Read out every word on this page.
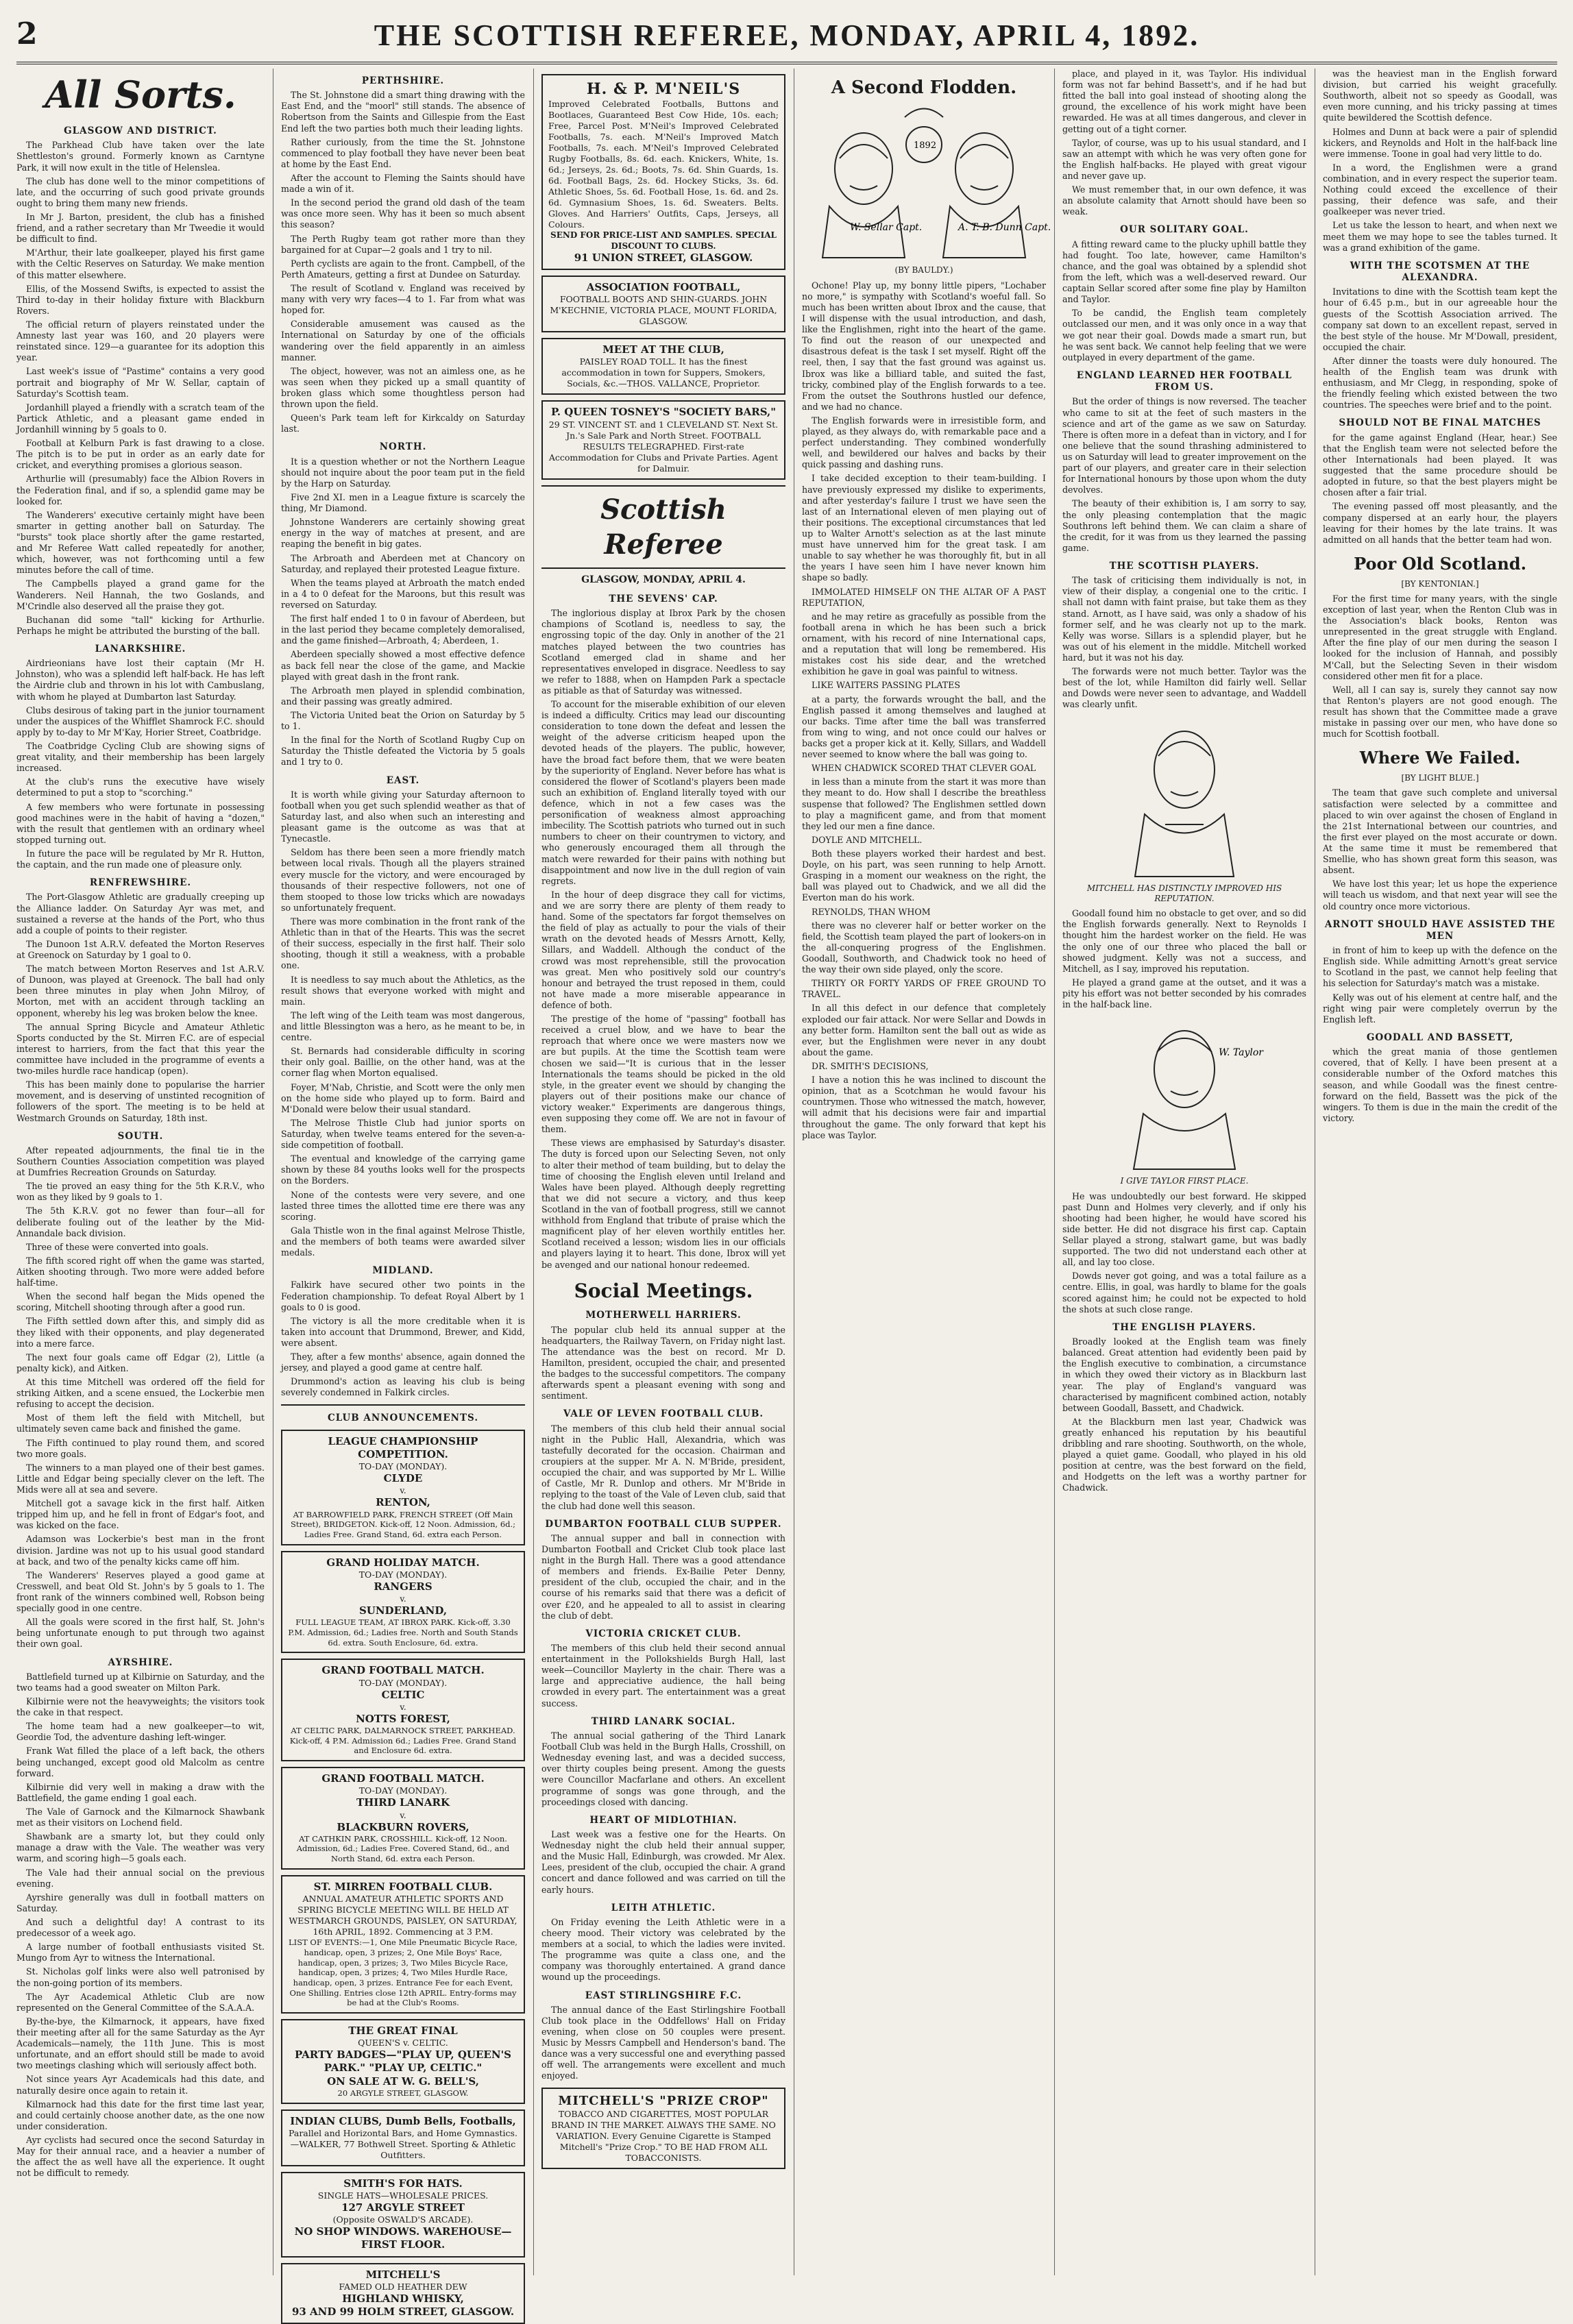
2	THE SCOTTISH REFEREE, MONDAY, APRIL 4, 1892.
All Sorts.
GLASGOW AND DISTRICT.

The Parkhead Club have taken over the late Shettleston's ground. Formerly known as Carntyne Park, it will now exult in the title of Helenslea.

The club has done well to the minor competitions of late, and the occurring of such good private grounds ought to bring them many new friends.

In Mr J. Barton, president, the club has a finished friend, and a rather secretary than Mr Tweedie it would be difficult to find.

M'Arthur, their late goalkeeper, played his first game with the Celtic Reserves on Saturday. We make mention of this matter elsewhere.

Ellis, of the Mossend Swifts, is expected to assist the Third to-day in their holiday fixture with Blackburn Rovers.

The official return of players reinstated under the Amnesty last year was 160, and 20 players were reinstated since. 129—a guarantee for its adoption this year.

Last week's issue of "Pastime" contains a very good portrait and biography of Mr W. Sellar, captain of Saturday's Scottish team.

Jordanhill played a friendly with a scratch team of the Partick Athletic, and a pleasant game ended in Jordanhill winning by 5 goals to 0.

Football at Kelburn Park is fast drawing to a close. The pitch is to be put in order as an early date for cricket, and everything promises a glorious season.

Arthurlie will (presumably) face the Albion Rovers in the Federation final, and if so, a splendid game may be looked for.

The Wanderers' executive certainly might have been smarter in getting another ball on Saturday. The "bursts" took place shortly after the game restarted, and Mr Referee Watt called repeatedly for another, which, however, was not forthcoming until a few minutes before the call of time.

The Campbells played a grand game for the Wanderers. Neil Hannah, the two Goslands, and M'Crindle also deserved all the praise they got.

Buchanan did some "tall" kicking for Arthurlie. Perhaps he might be attributed the bursting of the ball.

LANARKSHIRE.

Airdrieonians have lost their captain (Mr H. Johnston), who was a splendid left half-back. He has left the Airdrie club and thrown in his lot with Cambuslang, with whom he played at Dumbarton last Saturday.

Clubs desirous of taking part in the junior tournament under the auspices of the Whifflet Shamrock F.C. should apply by to-day to Mr M'Kay, Horier Street, Coatbridge.

The Coatbridge Cycling Club are showing signs of great vitality, and their membership has been largely increased.

At the club's runs the executive have wisely determined to put a stop to "scorching."

A few members who were fortunate in possessing good machines were in the habit of having a "dozen," with the result that gentlemen with an ordinary wheel stopped turning out.

In future the pace will be regulated by Mr R. Hutton, the captain, and the run made one of pleasure only.

RENFREWSHIRE.

The Port-Glasgow Athletic are gradually creeping up the Alliance ladder. On Saturday Ayr was met, and sustained a reverse at the hands of the Port, who thus add a couple of points to their register.

The Dunoon 1st A.R.V. defeated the Morton Reserves at Greenock on Saturday by 1 goal to 0.

The match between Morton Reserves and 1st A.R.V. of Dunoon, was played at Greenock. The ball had only been three minutes in play when John Milroy, of Morton, met with an accident through tackling an opponent, whereby his leg was broken below the knee.

The annual Spring Bicycle and Amateur Athletic Sports conducted by the St. Mirren F.C. are of especial interest to harriers, from the fact that this year the committee have included in the programme of events a two-miles hurdle race handicap (open).

This has been mainly done to popularise the harrier movement, and is deserving of unstinted recognition of followers of the sport. The meeting is to be held at Westmarch Grounds on Saturday, 18th inst.

SOUTH.

After repeated adjournments, the final tie in the Southern Counties Association competition was played at Dumfries Recreation Grounds on Saturday.

The tie proved an easy thing for the 5th K.R.V., who won as they liked by 9 goals to 1.

The 5th K.R.V. got no fewer than four—all for deliberate fouling out of the leather by the Mid-Annandale back division.

Three of these were converted into goals.

The fifth scored right off when the game was started, Aitken shooting through. Two more were added before half-time.

When the second half began the Mids opened the scoring, Mitchell shooting through after a good run.

The Fifth settled down after this, and simply did as they liked with their opponents, and play degenerated into a mere farce.

The next four goals came off Edgar (2), Little (a penalty kick), and Aitken.

At this time Mitchell was ordered off the field for striking Aitken, and a scene ensued, the Lockerbie men refusing to accept the decision.

Most of them left the field with Mitchell, but ultimately seven came back and finished the game.

The Fifth continued to play round them, and scored two more goals.

The winners to a man played one of their best games. Little and Edgar being specially clever on the left. The Mids were all at sea and severe.

Mitchell got a savage kick in the first half. Aitken tripped him up, and he fell in front of Edgar's foot, and was kicked on the face.

Adamson was Lockerbie's best man in the front division. Jardine was not up to his usual good standard at back, and two of the penalty kicks came off him.

The Wanderers' Reserves played a good game at Cresswell, and beat Old St. John's by 5 goals to 1. The front rank of the winners combined well, Robson being specially good in one centre.

All the goals were scored in the first half, St. John's being unfortunate enough to put through two against their own goal.

AYRSHIRE.

Battlefield turned up at Kilbirnie on Saturday, and the two teams had a good sweater on Milton Park.

Kilbirnie were not the heavyweights; the visitors took the cake in that respect.

The home team had a new goalkeeper—to wit, Geordie Tod, the adventure dashing left-winger.

Frank Wat filled the place of a left back, the others being unchanged, except good old Malcolm as centre forward.

Kilbirnie did very well in making a draw with the Battlefield, the game ending 1 goal each.

The Vale of Garnock and the Kilmarnock Shawbank met as their visitors on Lochend field.

Shawbank are a smarty lot, but they could only manage a draw with the Vale. The weather was very warm, and scoring high—5 goals each.

The Vale had their annual social on the previous evening.

Ayrshire generally was dull in football matters on Saturday.

And such a delightful day! A contrast to its predecessor of a week ago.

A large number of football enthusiasts visited St. Mungo from Ayr to witness the International.

St. Nicholas golf links were also well patronised by the non-going portion of its members.

The Ayr Academical Athletic Club are now represented on the General Committee of the S.A.A.A.

By-the-bye, the Kilmarnock, it appears, have fixed their meeting after all for the same Saturday as the Ayr Academicals—namely, the 11th June. This is most unfortunate, and an effort should still be made to avoid two meetings clashing which will seriously affect both.

Not since years Ayr Academicals had this date, and naturally desire once again to retain it.

Kilmarnock had this date for the first time last year, and could certainly choose another date, as the one now under consideration.

Ayr cyclists had secured once the second Saturday in May for their annual race, and a heavier a number of the affect the as well have all the experience. It ought not be difficult to remedy.

PERTHSHIRE.

The St. Johnstone did a smart thing drawing with the East End, and the "moorl" still stands. The absence of Robertson from the Saints and Gillespie from the East End left the two parties both much their leading lights.

Rather curiously, from the time the St. Johnstone commenced to play football they have never been beat at home by the East End.

After the account to Fleming the Saints should have made a win of it.

In the second period the grand old dash of the team was once more seen. Why has it been so much absent this season?

The Perth Rugby team got rather more than they bargained for at Cupar—2 goals and 1 try to nil.

Perth cyclists are again to the front. Campbell, of the Perth Amateurs, getting a first at Dundee on Saturday.

The result of Scotland v. England was received by many with very wry faces—4 to 1. Far from what was hoped for.

Considerable amusement was caused as the International on Saturday by one of the officials wandering over the field apparently in an aimless manner.

The object, however, was not an aimless one, as he was seen when they picked up a small quantity of broken glass which some thoughtless person had thrown upon the field.

Queen's Park team left for Kirkcaldy on Saturday last.

NORTH.

It is a question whether or not the Northern League should not inquire about the poor team put in the field by the Harp on Saturday.

Five 2nd XI. men in a League fixture is scarcely the thing, Mr Diamond.

Johnstone Wanderers are certainly showing great energy in the way of matches at present, and are reaping the benefit in big gates.

The Arbroath and Aberdeen met at Chancory on Saturday, and replayed their protested League fixture.

When the teams played at Arbroath the match ended in a 4 to 0 defeat for the Maroons, but this result was reversed on Saturday.

The first half ended 1 to 0 in favour of Aberdeen, but in the last period they became completely demoralised, and the game finished—Arbroath, 4; Aberdeen, 1.

Aberdeen specially showed a most effective defence as back fell near the close of the game, and Mackie played with great dash in the front rank.

The Arbroath men played in splendid combination, and their passing was greatly admired.

The Victoria United beat the Orion on Saturday by 5 to 1.

In the final for the North of Scotland Rugby Cup on Saturday the Thistle defeated the Victoria by 5 goals and 1 try to 0.

EAST.

It is worth while giving your Saturday afternoon to football when you get such splendid weather as that of Saturday last, and also when such an interesting and pleasant game is the outcome as was that at Tynecastle.

Seldom has there been seen a more friendly match between local rivals. Though all the players strained every muscle for the victory, and were encouraged by thousands of their respective followers, not one of them stooped to those low tricks which are nowadays so unfortunately frequent.

There was more combination in the front rank of the Athletic than in that of the Hearts. This was the secret of their success, especially in the first half. Their solo shooting, though it still a weakness, with a probable one.

It is needless to say much about the Athletics, as the result shows that everyone worked with might and main.

The left wing of the Leith team was most dangerous, and little Blessington was a hero, as he meant to be, in centre.

St. Bernards had considerable difficulty in scoring their only goal. Baillie, on the other hand, was at the corner flag when Morton equalised.

Foyer, M'Nab, Christie, and Scott were the only men on the home side who played up to form. Baird and M'Donald were below their usual standard.

The Melrose Thistle Club had junior sports on Saturday, when twelve teams entered for the seven-a-side competition of football.

The eventual and knowledge of the carrying game shown by these 84 youths looks well for the prospects on the Borders.

None of the contests were very severe, and one lasted three times the allotted time ere there was any scoring.

Gala Thistle won in the final against Melrose Thistle, and the members of both teams were awarded silver medals.

MIDLAND.

Falkirk have secured other two points in the Federation championship. To defeat Royal Albert by 1 goals to 0 is good.

The victory is all the more creditable when it is taken into account that Drummond, Brewer, and Kidd, were absent.

They, after a few months' absence, again donned the jersey, and played a good game at centre half.

Drummond's action as leaving his club is being severely condemned in Falkirk circles.

CLUB ANNOUNCEMENTS.
LEAGUE CHAMPIONSHIP COMPETITION.
TO-DAY (MONDAY).
CLYDE
v.
RENTON,
AT BARROWFIELD PARK, FRENCH STREET (Off Main Street), BRIDGETON. Kick-off, 12 Noon. Admission, 6d.; Ladies Free. Grand Stand, 6d. extra each Person.
GRAND HOLIDAY MATCH.
TO-DAY (MONDAY).
RANGERS
v.
SUNDERLAND,
FULL LEAGUE TEAM, AT IBROX PARK. Kick-off, 3.30 P.M. Admission, 6d.; Ladies free. North and South Stands 6d. extra. South Enclosure, 6d. extra.
GRAND FOOTBALL MATCH.
TO-DAY (MONDAY).
CELTIC
v.
NOTTS FOREST,
AT CELTIC PARK, DALMARNOCK STREET, PARKHEAD. Kick-off, 4 P.M. Admission 6d.; Ladies Free. Grand Stand and Enclosure 6d. extra.
GRAND FOOTBALL MATCH.
TO-DAY (MONDAY).
THIRD LANARK
v.
BLACKBURN ROVERS,
AT CATHKIN PARK, CROSSHILL. Kick-off, 12 Noon. Admission, 6d.; Ladies Free. Covered Stand, 6d., and North Stand, 6d. extra each Person.
ST. MIRREN FOOTBALL CLUB.
ANNUAL AMATEUR ATHLETIC SPORTS AND SPRING BICYCLE MEETING WILL BE HELD AT WESTMARCH GROUNDS, PAISLEY, ON SATURDAY, 16th APRIL, 1892. Commencing at 3 P.M.
LIST OF EVENTS:—1, One Mile Pneumatic Bicycle Race, handicap, open, 3 prizes; 2, One Mile Boys' Race, handicap, open, 3 prizes; 3, Two Miles Bicycle Race, handicap, open, 3 prizes; 4, Two Miles Hurdle Race, handicap, open, 3 prizes. Entrance Fee for each Event, One Shilling. Entries close 12th APRIL. Entry-forms may be had at the Club's Rooms.
THE GREAT FINAL
QUEEN'S v. CELTIC.
PARTY BADGES—"PLAY UP, QUEEN'S PARK." "PLAY UP, CELTIC."
ON SALE AT W. G. BELL'S,
20 ARGYLE STREET, GLASGOW.
INDIAN CLUBS, Dumb Bells, Footballs,
Parallel and Horizontal Bars, and Home Gymnastics.—WALKER, 77 Bothwell Street. Sporting & Athletic Outfitters.
SMITH'S FOR HATS.
SINGLE HATS—WHOLESALE PRICES.
127 ARGYLE STREET
(Opposite OSWALD'S ARCADE).
NO SHOP WINDOWS. WAREHOUSE—FIRST FLOOR.
MITCHELL'S
FAMED OLD HEATHER DEW
HIGHLAND WHISKY,
93 AND 99 HOLM STREET, GLASGOW.
H. & P. M'NEIL'S
Improved Celebrated Footballs, Buttons and Bootlaces, Guaranteed Best Cow Hide, 10s. each; Free, Parcel Post. M'Neil's Improved Celebrated Footballs, 7s. each. M'Neil's Improved Match Footballs, 7s. each. M'Neil's Improved Celebrated Rugby Footballs, 8s. 6d. each. Knickers, White, 1s. 6d.; Jerseys, 2s. 6d.; Boots, 7s. 6d. Shin Guards, 1s. 6d. Football Bags, 2s. 6d. Hockey Sticks, 3s. 6d. Athletic Shoes, 5s. 6d. Football Hose, 1s. 6d. and 2s. 6d. Gymnasium Shoes, 1s. 6d. Sweaters. Belts. Gloves. And Harriers' Outfits, Caps, Jerseys, all Colours.
SEND FOR PRICE-LIST AND SAMPLES. SPECIAL DISCOUNT TO CLUBS.
91 UNION STREET, GLASGOW.
ASSOCIATION FOOTBALL,
FOOTBALL BOOTS AND SHIN-GUARDS. JOHN M'KECHNIE, VICTORIA PLACE, MOUNT FLORIDA, GLASGOW.
MEET AT THE CLUB,
PAISLEY ROAD TOLL. It has the finest accommodation in town for Suppers, Smokers, Socials, &c.—THOS. VALLANCE, Proprietor.
P. QUEEN TOSNEY'S "SOCIETY BARS,"
29 ST. VINCENT ST. and 1 CLEVELAND ST. Next St. Jn.'s Sale Park and North Street. FOOTBALL RESULTS TELEGRAPHED. First-rate Accommodation for Clubs and Private Parties. Agent for Dalmuir.
Scottish Referee
GLASGOW, MONDAY, APRIL 4.
THE SEVENS' CAP.

The inglorious display at Ibrox Park by the chosen champions of Scotland is, needless to say, the engrossing topic of the day. Only in another of the 21 matches played between the two countries has Scotland emerged clad in shame and her representatives enveloped in disgrace. Needless to say we refer to 1888, when on Hampden Park a spectacle as pitiable as that of Saturday was witnessed.

To account for the miserable exhibition of our eleven is indeed a difficulty. Critics may lead our discounting consideration to tone down the defeat and lessen the weight of the adverse criticism heaped upon the devoted heads of the players. The public, however, have the broad fact before them, that we were beaten by the superiority of England. Never before has what is considered the flower of Scotland's players been made such an exhibition of. England literally toyed with our defence, which in not a few cases was the personification of weakness almost approaching imbecility. The Scottish patriots who turned out in such numbers to cheer on their countrymen to victory, and who generously encouraged them all through the match were rewarded for their pains with nothing but disappointment and now live in the dull region of vain regrets.

In the hour of deep disgrace they call for victims, and we are sorry there are plenty of them ready to hand. Some of the spectators far forgot themselves on the field of play as actually to pour the vials of their wrath on the devoted heads of Messrs Arnott, Kelly, Sillars, and Waddell. Although the conduct of the crowd was most reprehensible, still the provocation was great. Men who positively sold our country's honour and betrayed the trust reposed in them, could not have made a more miserable appearance in defence of both.

The prestige of the home of "passing" football has received a cruel blow, and we have to bear the reproach that where once we were masters now we are but pupils. At the time the Scottish team were chosen we said—"It is curious that in the lesser Internationals the teams should be picked in the old style, in the greater event we should by changing the players out of their positions make our chance of victory weaker." Experiments are dangerous things, even supposing they come off. We are not in favour of them.

These views are emphasised by Saturday's disaster. The duty is forced upon our Selecting Seven, not only to alter their method of team building, but to delay the time of choosing the English eleven until Ireland and Wales have been played. Although deeply regretting that we did not secure a victory, and thus keep Scotland in the van of football progress, still we cannot withhold from England that tribute of praise which the magnificent play of her eleven worthily entitles her. Scotland received a lesson; wisdom lies in our officials and players laying it to heart. This done, Ibrox will yet be avenged and our national honour redeemed.

Social Meetings.
MOTHERWELL HARRIERS.

The popular club held its annual supper at the headquarters, the Railway Tavern, on Friday night last. The attendance was the best on record. Mr D. Hamilton, president, occupied the chair, and presented the badges to the successful competitors. The company afterwards spent a pleasant evening with song and sentiment.

VALE OF LEVEN FOOTBALL CLUB.

The members of this club held their annual social night in the Public Hall, Alexandria, which was tastefully decorated for the occasion. Chairman and croupiers at the supper. Mr A. N. M'Bride, president, occupied the chair, and was supported by Mr L. Willie of Castle, Mr R. Dunlop and others. Mr M'Bride in replying to the toast of the Vale of Leven club, said that the club had done well this season.

DUMBARTON FOOTBALL CLUB SUPPER.

The annual supper and ball in connection with Dumbarton Football and Cricket Club took place last night in the Burgh Hall. There was a good attendance of members and friends. Ex-Bailie Peter Denny, president of the club, occupied the chair, and in the course of his remarks said that there was a deficit of over £20, and he appealed to all to assist in clearing the club of debt.

VICTORIA CRICKET CLUB.

The members of this club held their second annual entertainment in the Pollokshields Burgh Hall, last week—Councillor Maylerty in the chair. There was a large and appreciative audience, the hall being crowded in every part. The entertainment was a great success.

THIRD LANARK SOCIAL.

The annual social gathering of the Third Lanark Football Club was held in the Burgh Halls, Crosshill, on Wednesday evening last, and was a decided success, over thirty couples being present. Among the guests were Councillor Macfarlane and others. An excellent programme of songs was gone through, and the proceedings closed with dancing.

HEART OF MIDLOTHIAN.

Last week was a festive one for the Hearts. On Wednesday night the club held their annual supper, and the Music Hall, Edinburgh, was crowded. Mr Alex. Lees, president of the club, occupied the chair. A grand concert and dance followed and was carried on till the early hours.

LEITH ATHLETIC.

On Friday evening the Leith Athletic were in a cheery mood. Their victory was celebrated by the members at a social, to which the ladies were invited. The programme was quite a class one, and the company was thoroughly entertained. A grand dance wound up the proceedings.

EAST STIRLINGSHIRE F.C.

The annual dance of the East Stirlingshire Football Club took place in the Oddfellows' Hall on Friday evening, when close on 50 couples were present. Music by Messrs Campbell and Henderson's band. The dance was a very successful one and everything passed off well. The arrangements were excellent and much enjoyed.

MITCHELL'S "PRIZE CROP"
TOBACCO AND CIGARETTES, MOST POPULAR BRAND IN THE MARKET. ALWAYS THE SAME. NO VARIATION. Every Genuine Cigarette is Stamped Mitchell's "Prize Crop." TO BE HAD FROM ALL TOBACCONISTS.
A Second Flodden.
W. Sellar Capt.
1892
A. T. B. Dunn Capt.
(BY BAULDY.)

Ochone! Play up, my bonny little pipers, "Lochaber no more," is sympathy with Scotland's woeful fall. So much has been written about Ibrox and the cause, that I will dispense with the usual introduction, and dash, like the Englishmen, right into the heart of the game. To find out the reason of our unexpected and disastrous defeat is the task I set myself. Right off the reel, then, I say that the fast ground was against us. Ibrox was like a billiard table, and suited the fast, tricky, combined play of the English forwards to a tee. From the outset the Southrons hustled our defence, and we had no chance.

The English forwards were in irresistible form, and played, as they always do, with remarkable pace and a perfect understanding. They combined wonderfully well, and bewildered our halves and backs by their quick passing and dashing runs.

I take decided exception to their team-building. I have previously expressed my dislike to experiments, and after yesterday's failure I trust we have seen the last of an International eleven of men playing out of their positions. The exceptional circumstances that led up to Walter Arnott's selection as at the last minute must have unnerved him for the great task. I am unable to say whether he was thoroughly fit, but in all the years I have seen him I have never known him shape so badly.

IMMOLATED HIMSELF ON THE ALTAR OF A PAST REPUTATION,

and he may retire as gracefully as possible from the football arena in which he has been such a brick ornament, with his record of nine International caps, and a reputation that will long be remembered. His mistakes cost his side dear, and the wretched exhibition he gave in goal was painful to witness.

LIKE WAITERS PASSING PLATES

at a party, the forwards wrought the ball, and the English passed it among themselves and laughed at our backs. Time after time the ball was transferred from wing to wing, and not once could our halves or backs get a proper kick at it. Kelly, Sillars, and Waddell never seemed to know where the ball was going to.

WHEN CHADWICK SCORED THAT CLEVER GOAL

in less than a minute from the start it was more than they meant to do. How shall I describe the breathless suspense that followed? The Englishmen settled down to play a magnificent game, and from that moment they led our men a fine dance.

DOYLE AND MITCHELL.

Both these players worked their hardest and best. Doyle, on his part, was seen running to help Arnott. Grasping in a moment our weakness on the right, the ball was played out to Chadwick, and we all did the Everton man do his work.

REYNOLDS, THAN WHOM

there was no cleverer half or better worker on the field, the Scottish team played the part of lookers-on in the all-conquering progress of the Englishmen. Goodall, Southworth, and Chadwick took no heed of the way their own side played, only the score.

THIRTY OR FORTY YARDS OF FREE GROUND TO TRAVEL.

In all this defect in our defence that completely exploded our fair attack. Nor were Sellar and Dowds in any better form. Hamilton sent the ball out as wide as ever, but the Englishmen were never in any doubt about the game.

DR. SMITH'S DECISIONS,

I have a notion this he was inclined to discount the opinion, that as a Scotchman he would favour his countrymen. Those who witnessed the match, however, will admit that his decisions were fair and impartial throughout the game. The only forward that kept his place was Taylor.

place, and played in it, was Taylor. His individual form was not far behind Bassett's, and if he had but fitted the ball into goal instead of shooting along the ground, the excellence of his work might have been rewarded. He was at all times dangerous, and clever in getting out of a tight corner.

Taylor, of course, was up to his usual standard, and I saw an attempt with which he was very often gone for the English half-backs. He played with great vigour and never gave up.

We must remember that, in our own defence, it was an absolute calamity that Arnott should have been so weak.

OUR SOLITARY GOAL.

A fitting reward came to the plucky uphill battle they had fought. Too late, however, came Hamilton's chance, and the goal was obtained by a splendid shot from the left, which was a well-deserved reward. Our captain Sellar scored after some fine play by Hamilton and Taylor.

To be candid, the English team completely outclassed our men, and it was only once in a way that we got near their goal. Dowds made a smart run, but he was sent back. We cannot help feeling that we were outplayed in every department of the game.

ENGLAND LEARNED HER FOOTBALL FROM US.

But the order of things is now reversed. The teacher who came to sit at the feet of such masters in the science and art of the game as we saw on Saturday. There is often more in a defeat than in victory, and I for one believe that the sound thrashing administered to us on Saturday will lead to greater improvement on the part of our players, and greater care in their selection for International honours by those upon whom the duty devolves.

The beauty of their exhibition is, I am sorry to say, the only pleasing contemplation that the magic Southrons left behind them. We can claim a share of the credit, for it was from us they learned the passing game.

THE SCOTTISH PLAYERS.

The task of criticising them individually is not, in view of their display, a congenial one to the critic. I shall not damn with faint praise, but take them as they stand. Arnott, as I have said, was only a shadow of his former self, and he was clearly not up to the mark. Kelly was worse. Sillars is a splendid player, but he was out of his element in the middle. Mitchell worked hard, but it was not his day.

The forwards were not much better. Taylor was the best of the lot, while Hamilton did fairly well. Sellar and Dowds were never seen to advantage, and Waddell was clearly unfit.

MITCHELL HAS DISTINCTLY IMPROVED HIS REPUTATION.

Goodall found him no obstacle to get over, and so did the English forwards generally. Next to Reynolds I thought him the hardest worker on the field. He was the only one of our three who placed the ball or showed judgment. Kelly was not a success, and Mitchell, as I say, improved his reputation.

He played a grand game at the outset, and it was a pity his effort was not better seconded by his comrades in the half-back line.

W. Taylor
I GIVE TAYLOR FIRST PLACE.

He was undoubtedly our best forward. He skipped past Dunn and Holmes very cleverly, and if only his shooting had been higher, he would have scored his side better. He did not disgrace his first cap. Captain Sellar played a strong, stalwart game, but was badly supported. The two did not understand each other at all, and lay too close.

Dowds never got going, and was a total failure as a centre. Ellis, in goal, was hardly to blame for the goals scored against him; he could not be expected to hold the shots at such close range.

THE ENGLISH PLAYERS.

Broadly looked at the English team was finely balanced. Great attention had evidently been paid by the English executive to combination, a circumstance in which they owed their victory as in Blackburn last year. The play of England's vanguard was characterised by magnificent combined action, notably between Goodall, Bassett, and Chadwick.

At the Blackburn men last year, Chadwick was greatly enhanced his reputation by his beautiful dribbling and rare shooting. Southworth, on the whole, played a quiet game. Goodall, who played in his old position at centre, was the best forward on the field, and Hodgetts on the left was a worthy partner for Chadwick.

was the heaviest man in the English forward division, but carried his weight gracefully. Southworth, albeit not so speedy as Goodall, was even more cunning, and his tricky passing at times quite bewildered the Scottish defence.

Holmes and Dunn at back were a pair of splendid kickers, and Reynolds and Holt in the half-back line were immense. Toone in goal had very little to do.

In a word, the Englishmen were a grand combination, and in every respect the superior team. Nothing could exceed the excellence of their passing, their defence was safe, and their goalkeeper was never tried.

Let us take the lesson to heart, and when next we meet them we may hope to see the tables turned. It was a grand exhibition of the game.

WITH THE SCOTSMEN AT THE ALEXANDRA.

Invitations to dine with the Scottish team kept the hour of 6.45 p.m., but in our agreeable hour the guests of the Scottish Association arrived. The company sat down to an excellent repast, served in the best style of the house. Mr M'Dowall, president, occupied the chair.

After dinner the toasts were duly honoured. The health of the English team was drunk with enthusiasm, and Mr Clegg, in responding, spoke of the friendly feeling which existed between the two countries. The speeches were brief and to the point.

SHOULD NOT BE FINAL MATCHES

for the game against England (Hear, hear.) See that the English team were not selected before the other Internationals had been played. It was suggested that the same procedure should be adopted in future, so that the best players might be chosen after a fair trial.

The evening passed off most pleasantly, and the company dispersed at an early hour, the players leaving for their homes by the late trains. It was admitted on all hands that the better team had won.

Poor Old Scotland.
[BY KENTONIAN.]

For the first time for many years, with the single exception of last year, when the Renton Club was in the Association's black books, Renton was unrepresented in the great struggle with England. After the fine play of our men during the season I looked for the inclusion of Hannah, and possibly M'Call, but the Selecting Seven in their wisdom considered other men fit for a place.

Well, all I can say is, surely they cannot say now that Renton's players are not good enough. The result has shown that the Committee made a grave mistake in passing over our men, who have done so much for Scottish football.

Where We Failed.
[BY LIGHT BLUE.]

The team that gave such complete and universal satisfaction were selected by a committee and placed to win over against the chosen of England in the 21st International between our countries, and the first ever played on the most accurate or down. At the same time it must be remembered that Smellie, who has shown great form this season, was absent.

We have lost this year; let us hope the experience will teach us wisdom, and that next year will see the old country once more victorious.

ARNOTT SHOULD HAVE ASSISTED THE MEN

in front of him to keep up with the defence on the English side. While admitting Arnott's great service to Scotland in the past, we cannot help feeling that his selection for Saturday's match was a mistake.

Kelly was out of his element at centre half, and the right wing pair were completely overrun by the English left.

GOODALL AND BASSETT,

which the great mania of those gentlemen covered, that of Kelly. I have been present at a considerable number of the Oxford matches this season, and while Goodall was the finest centre-forward on the field, Bassett was the pick of the wingers. To them is due in the main the credit of the victory.
